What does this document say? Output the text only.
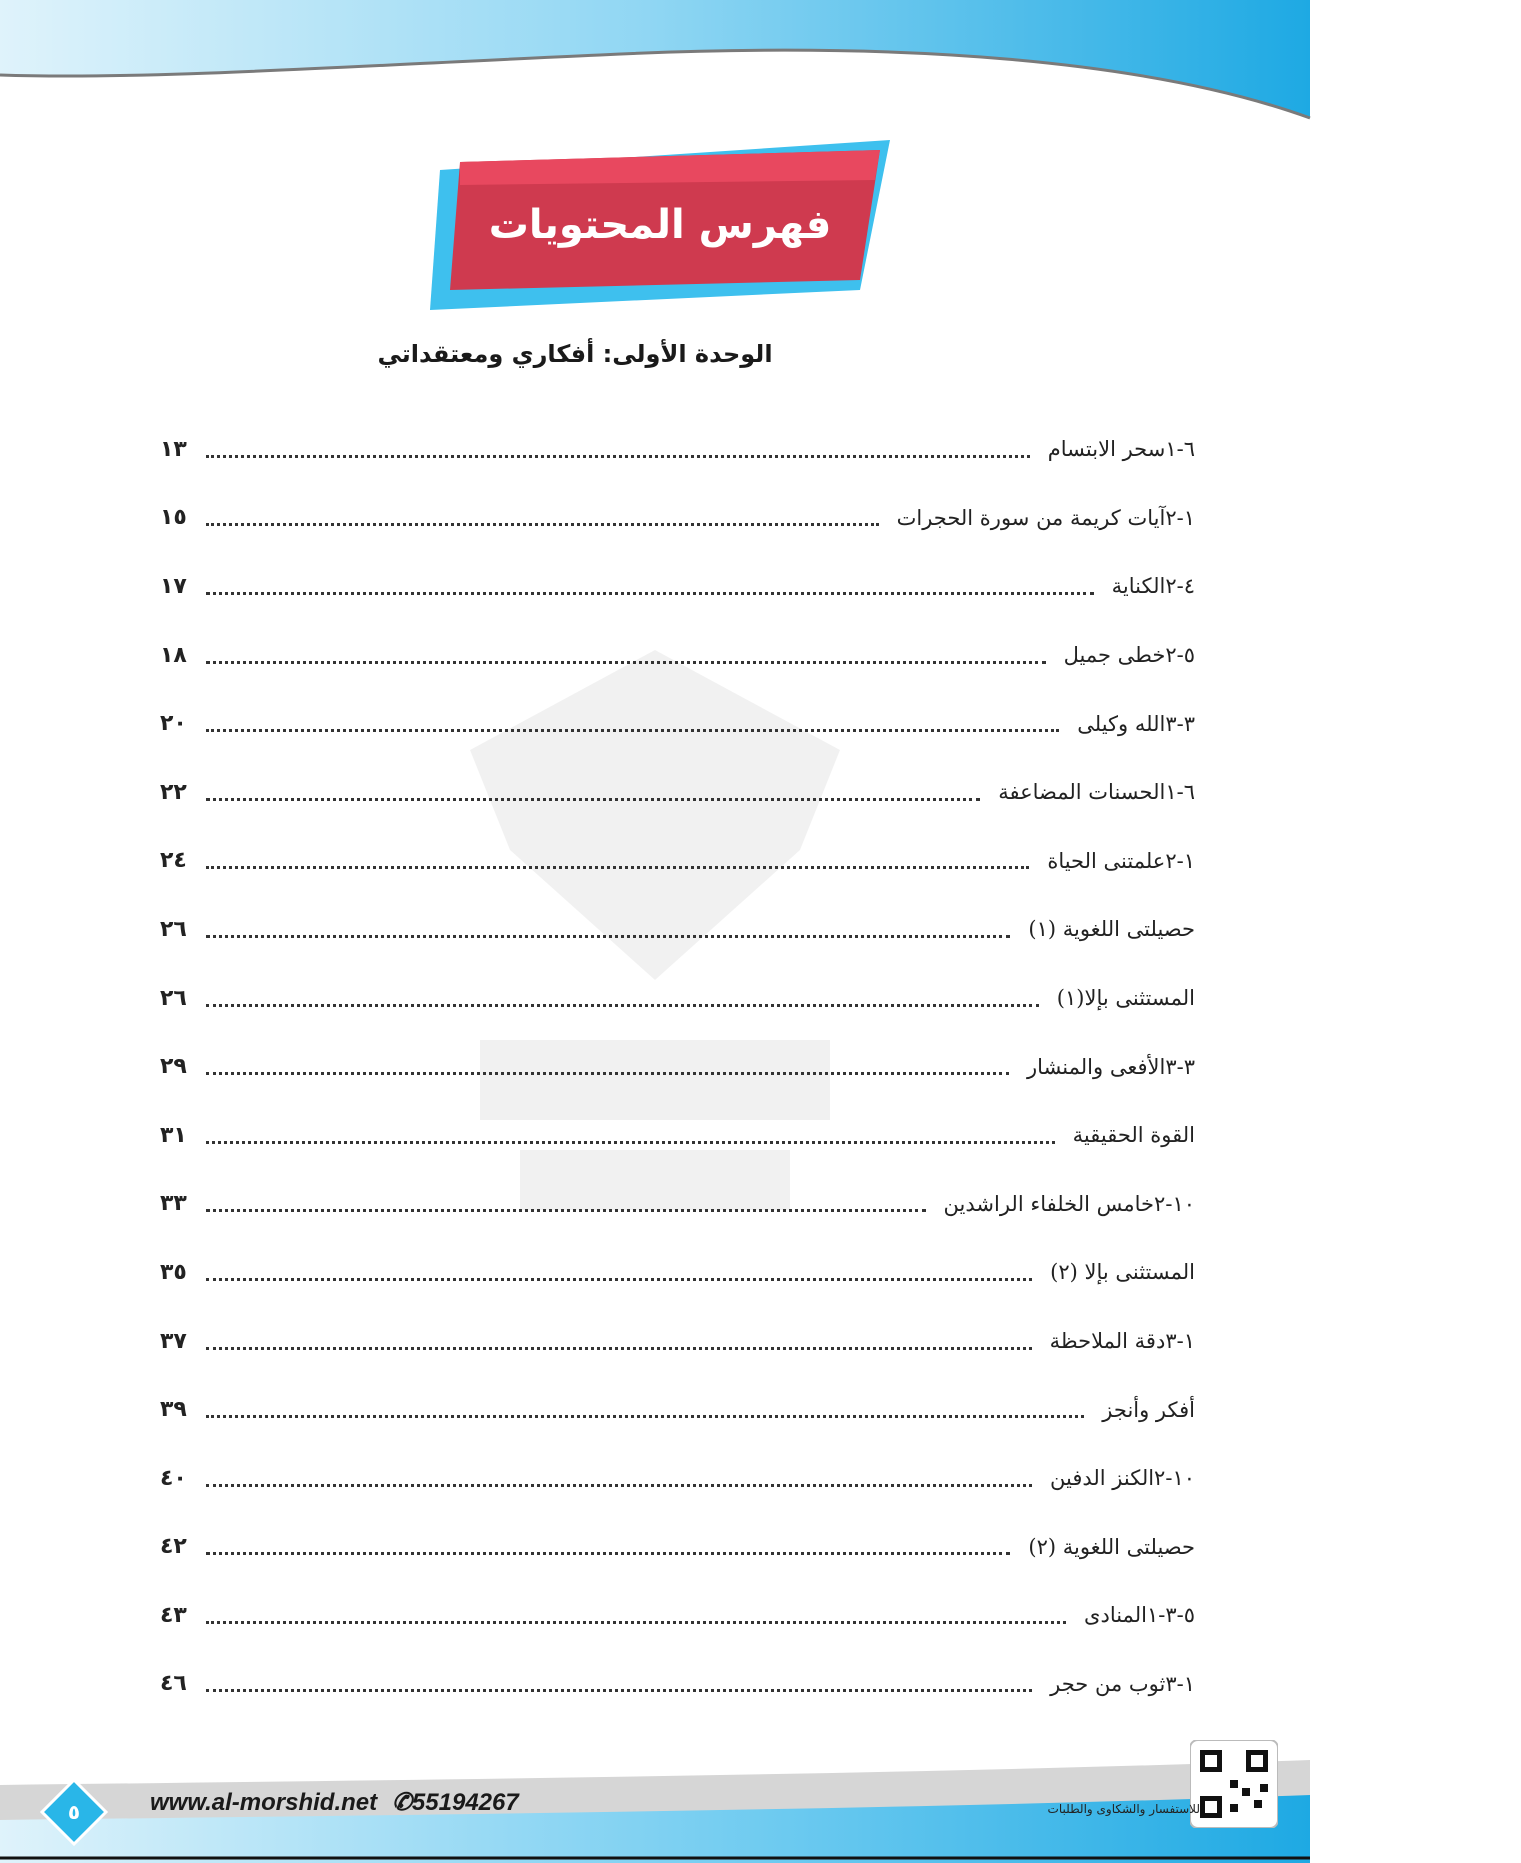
فهرس المحتويات
الوحدة الأولى: أفكاري ومعتقداتي
١٣	٦-١سحر الابتسام
١٥	١-٢آيات كريمة من سورة الحجرات
١٧	٤-٢الكناية
١٨	٥-٢خطى جميل
٢٠	٣-٣الله وكيلى
٢٢	٦-١الحسنات المضاعفة
٢٤	١-٢علمتنى الحياة
٢٦	حصيلتى اللغوية (١)
٢٦	المستثنى بإلا(١)
٢٩	٣-٣الأفعى والمنشار
٣١	القوة الحقيقية
٣٣	١٠-٢خامس الخلفاء الراشدين
٣٥	المستثنى بإلا (٢)
٣٧	١-٣دقة الملاحظة
٣٩	أفكر وأنجز
٤٠	١٠-٢الكنز الدفين
٤٢	حصيلتى اللغوية (٢)
٤٣	٥-٣-١المنادى
٤٦	١-٣ثوب من حجر
٥	www.al-morshid.net ✆55194267	للاستفسار والشكاوى والطلبات
